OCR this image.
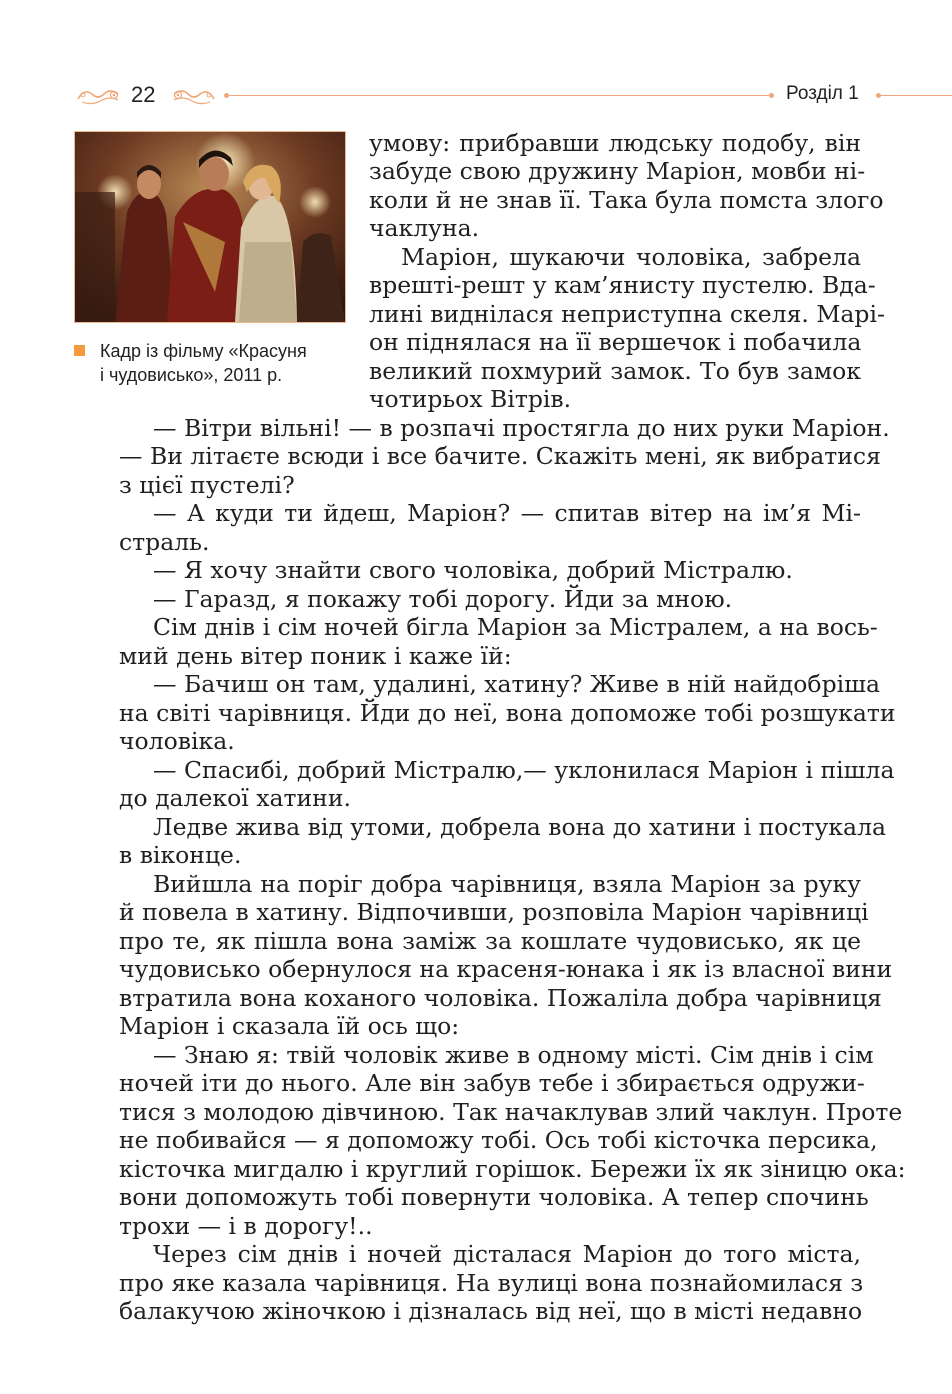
22	Розділ 1
Кадр із фільму «Красуня
і чудовисько», 2011 р.
умову: прибравши людську подобу, він
забуде свою дружину Маріон, мовби ні-
коли й не знав її. Така була помста злого
чаклуна.
Маріон, шукаючи чоловіка, забрела
врешті-решт у кам’янисту пустелю. Вда-
лині виднілася неприступна скеля. Марі-
он піднялася на її вершечок і побачила
великий похмурий замок. То був замок
чотирьох Вітрів.
— Вітри вільні! — в розпачі простягла до них руки Маріон.
— Ви літаєте всюди і все бачите. Скажіть мені, як вибратися
з цієї пустелі?
— А куди ти йдеш, Маріон? — спитав вітер на ім’я Мі-
страль.
— Я хочу знайти свого чоловіка, добрий Містралю.
— Гаразд, я покажу тобі дорогу. Йди за мною.
Сім днів і сім ночей бігла Маріон за Містралем, а на вось-
мий день вітер поник і каже їй:
— Бачиш он там, удалині, хатину? Живе в ній найдобріша
на світі чарівниця. Йди до неї, вона допоможе тобі розшукати
чоловіка.
— Спасибі, добрий Містралю,— уклонилася Маріон і пішла
до далекої хатини.
Ледве жива від утоми, добрела вона до хатини і постукала
в віконце.
Вийшла на поріг добра чарівниця, взяла Маріон за руку
й повела в хатину. Відпочивши, розповіла Маріон чарівниці
про те, як пішла вона заміж за кошлате чудовисько, як це
чудовисько обернулося на красеня-юнака і як із власної вини
втратила вона коханого чоловіка. Пожаліла добра чарівниця
Маріон і сказала їй ось що:
— Знаю я: твій чоловік живе в одному місті. Сім днів і сім
ночей іти до нього. Але він забув тебе і збирається одружи-
тися з молодою дівчиною. Так начаклував злий чаклун. Проте
не побивайся — я допоможу тобі. Ось тобі кісточка персика,
кісточка мигдалю і круглий горішок. Бережи їх як зіницю ока:
вони допоможуть тобі повернути чоловіка. А тепер спочинь
трохи — і в дорогу!..
Через сім днів і ночей дісталася Маріон до того міста,
про яке казала чарівниця. На вулиці вона познайомилася з
балакучою жіночкою і дізналась від неї, що в місті недавно
